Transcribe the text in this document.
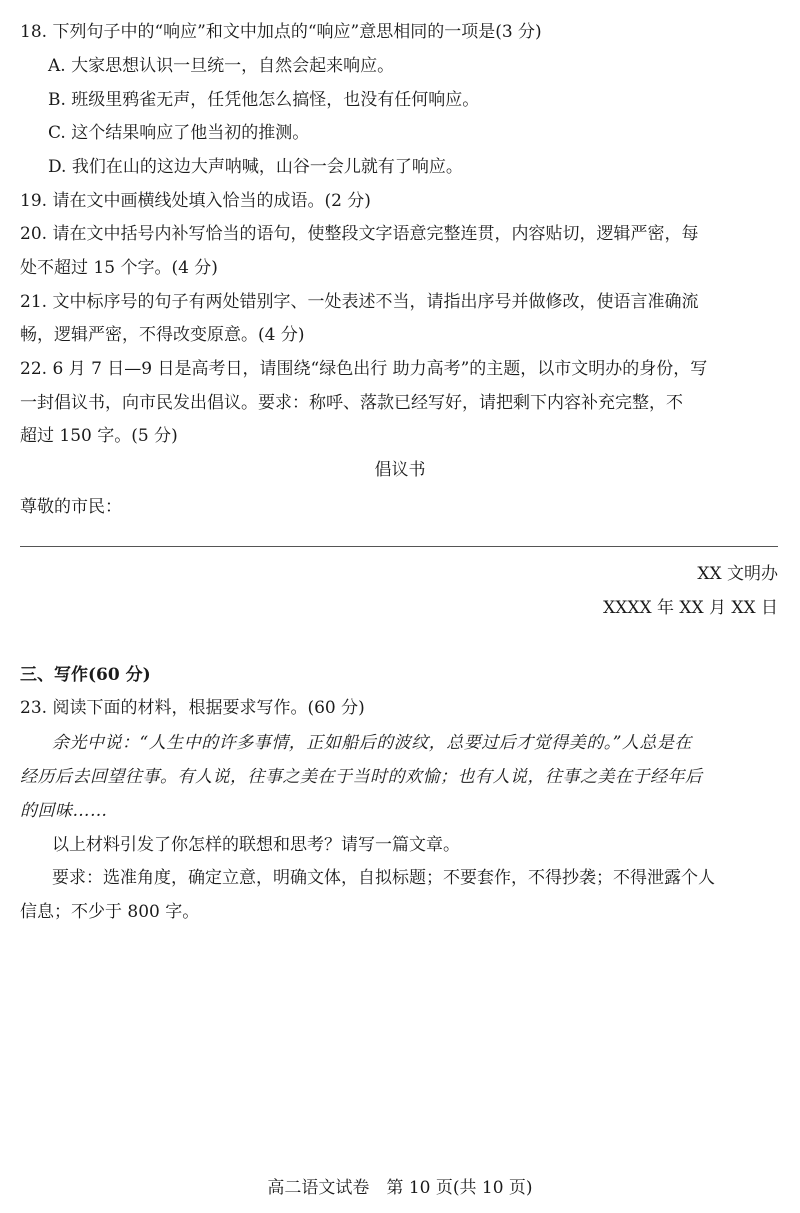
18. 下列句子中的“响应”和文中加点的“响应”意思相同的一项是(3 分)
A. 大家思想认识一旦统一，自然会起来响应。
B. 班级里鸦雀无声，任凭他怎么搞怪，也没有任何响应。
C. 这个结果响应了他当初的推测。
D. 我们在山的这边大声呐喊，山谷一会儿就有了响应。
19. 请在文中画横线处填入恰当的成语。(2 分)
20. 请在文中括号内补写恰当的语句，使整段文字语意完整连贯，内容贴切，逻辑严密，每
处不超过 15 个字。(4 分)
21. 文中标序号的句子有两处错别字、一处表述不当，请指出序号并做修改，使语言准确流
畅，逻辑严密，不得改变原意。(4 分)
22. 6 月 7 日—9 日是高考日，请围绕“绿色出行 助力高考”的主题，以市文明办的身份，写
一封倡议书，向市民发出倡议。要求：称呼、落款已经写好，请把剩下内容补充完整，不
超过 150 字。(5 分)
倡议书
尊敬的市民：
XX 文明办
XXXX 年 XX 月 XX 日
三、写作(60 分)
23. 阅读下面的材料，根据要求写作。(60 分)
余光中说：“人生中的许多事情，正如船后的波纹，总要过后才觉得美的。”人总是在
经历后去回望往事。有人说，往事之美在于当时的欢愉；也有人说，往事之美在于经年后
的回味……
以上材料引发了你怎样的联想和思考？请写一篇文章。
要求：选准角度，确定立意，明确文体，自拟标题；不要套作，不得抄袭；不得泄露个人
信息；不少于 800 字。
高二语文试卷　第 10 页(共 10 页)
